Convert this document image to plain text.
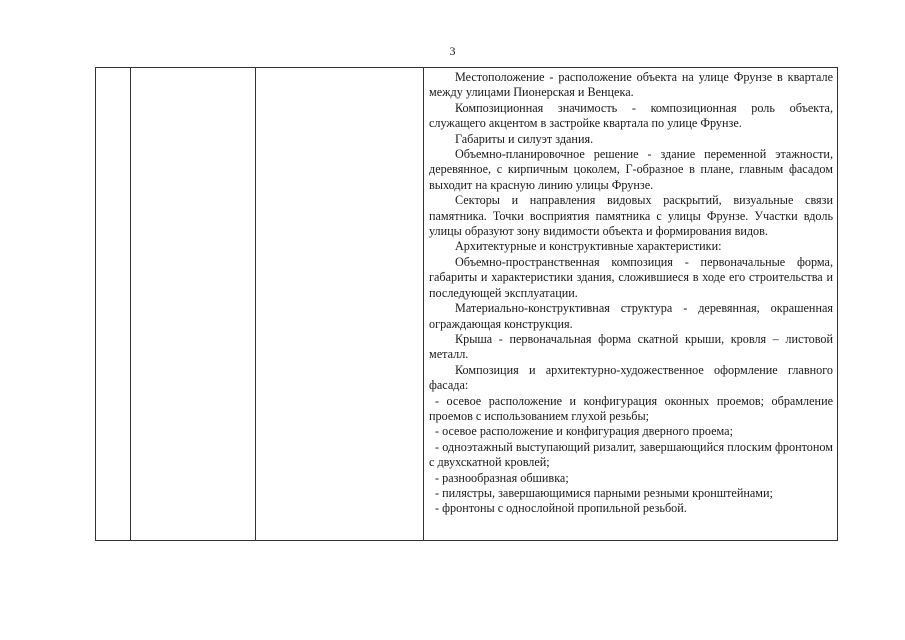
3

Местоположение - расположение объекта на улице Фрунзе в квартале между улицами Пионерская и Венцека.

Композиционная значимость - композиционная роль объекта, служащего акцентом в застройке квартала по улице Фрунзе.

Габариты и силуэт здания.

Объемно-планировочное решение - здание переменной этажности, деревянное, с кирпичным цоколем, Г-образное в плане, главным фасадом выходит на красную линию улицы Фрунзе.

Секторы и направления видовых раскрытий, визуальные связи памятника. Точки восприятия памятника с улицы Фрунзе. Участки вдоль улицы образуют зону видимости объекта и формирования видов.

Архитектурные и конструктивные характеристики:

Объемно-пространственная композиция - первоначальные форма, габариты и характеристики здания, сложившиеся в ходе его строительства и последующей эксплуатации.

Материально-конструктивная структура - деревянная, окрашенная ограждающая конструкция.

Крыша - первоначальная форма скатной крыши, кровля – листовой металл.

Композиция и архитектурно-художественное оформление главного фасада:

- осевое расположение и конфигурация оконных проемов; обрамление проемов с использованием глухой резьбы;

- осевое расположение и конфигурация дверного проема;

- одноэтажный выступающий ризалит, завершающийся плоским фронтоном с двухскатной кровлей;

- разнообразная обшивка;

- пилястры, завершающимися парными резными кронштейнами;

- фронтоны с однослойной пропильной резьбой.
